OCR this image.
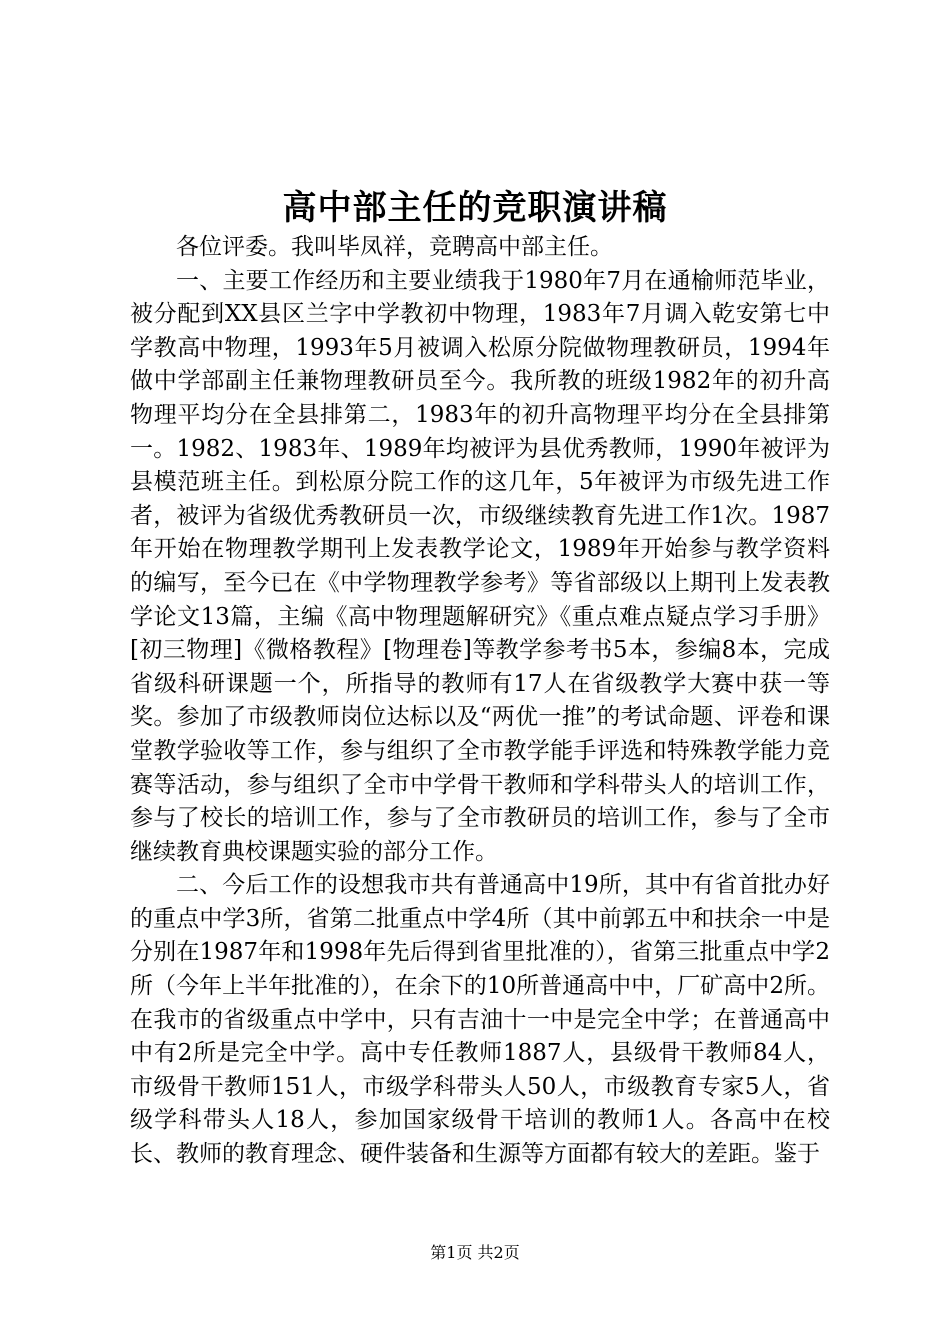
高中部主任的竞职演讲稿

各位评委。我叫毕凤祥，竞聘高中部主任。

一、主要工作经历和主要业绩我于1980年7月在通榆师范毕业，被分配到XX县区兰字中学教初中物理，1983年7月调入乾安第七中学教高中物理，1993年5月被调入松原分院做物理教研员，1994年做中学部副主任兼物理教研员至今。我所教的班级1982年的初升高物理平均分在全县排第二，1983年的初升高物理平均分在全县排第一。1982、1983年、1989年均被评为县优秀教师，1990年被评为县模范班主任。到松原分院工作的这几年，5年被评为市级先进工作者，被评为省级优秀教研员一次，市级继续教育先进工作1次。1987年开始在物理教学期刊上发表教学论文，1989年开始参与教学资料的编写，至今已在《中学物理教学参考》等省部级以上期刊上发表教学论文13篇，主编《高中物理题解研究》《重点难点疑点学习手册》[初三物理]《微格教程》[物理卷]等教学参考书5本，参编8本，完成省级科研课题一个，所指导的教师有17人在省级教学大赛中获一等奖。参加了市级教师岗位达标以及“两优一推”的考试命题、评卷和课堂教学验收等工作，参与组织了全市教学能手评选和特殊教学能力竞赛等活动，参与组织了全市中学骨干教师和学科带头人的培训工作，参与了校长的培训工作，参与了全市教研员的培训工作，参与了全市继续教育典校课题实验的部分工作。

二、今后工作的设想我市共有普通高中19所，其中有省首批办好的重点中学3所，省第二批重点中学4所（其中前郭五中和扶余一中是分别在1987年和1998年先后得到省里批准的），省第三批重点中学2所（今年上半年批准的），在余下的10所普通高中中，厂矿高中2所。在我市的省级重点中学中，只有吉油十一中是完全中学；在普通高中中有2所是完全中学。高中专任教师1887人，县级骨干教师84人，市级骨干教师151人，市级学科带头人50人，市级教育专家5人，省级学科带头人18人，参加国家级骨干培训的教师1人。各高中在校长、教师的教育理念、硬件装备和生源等方面都有较大的差距。鉴于

第1页 共2页
